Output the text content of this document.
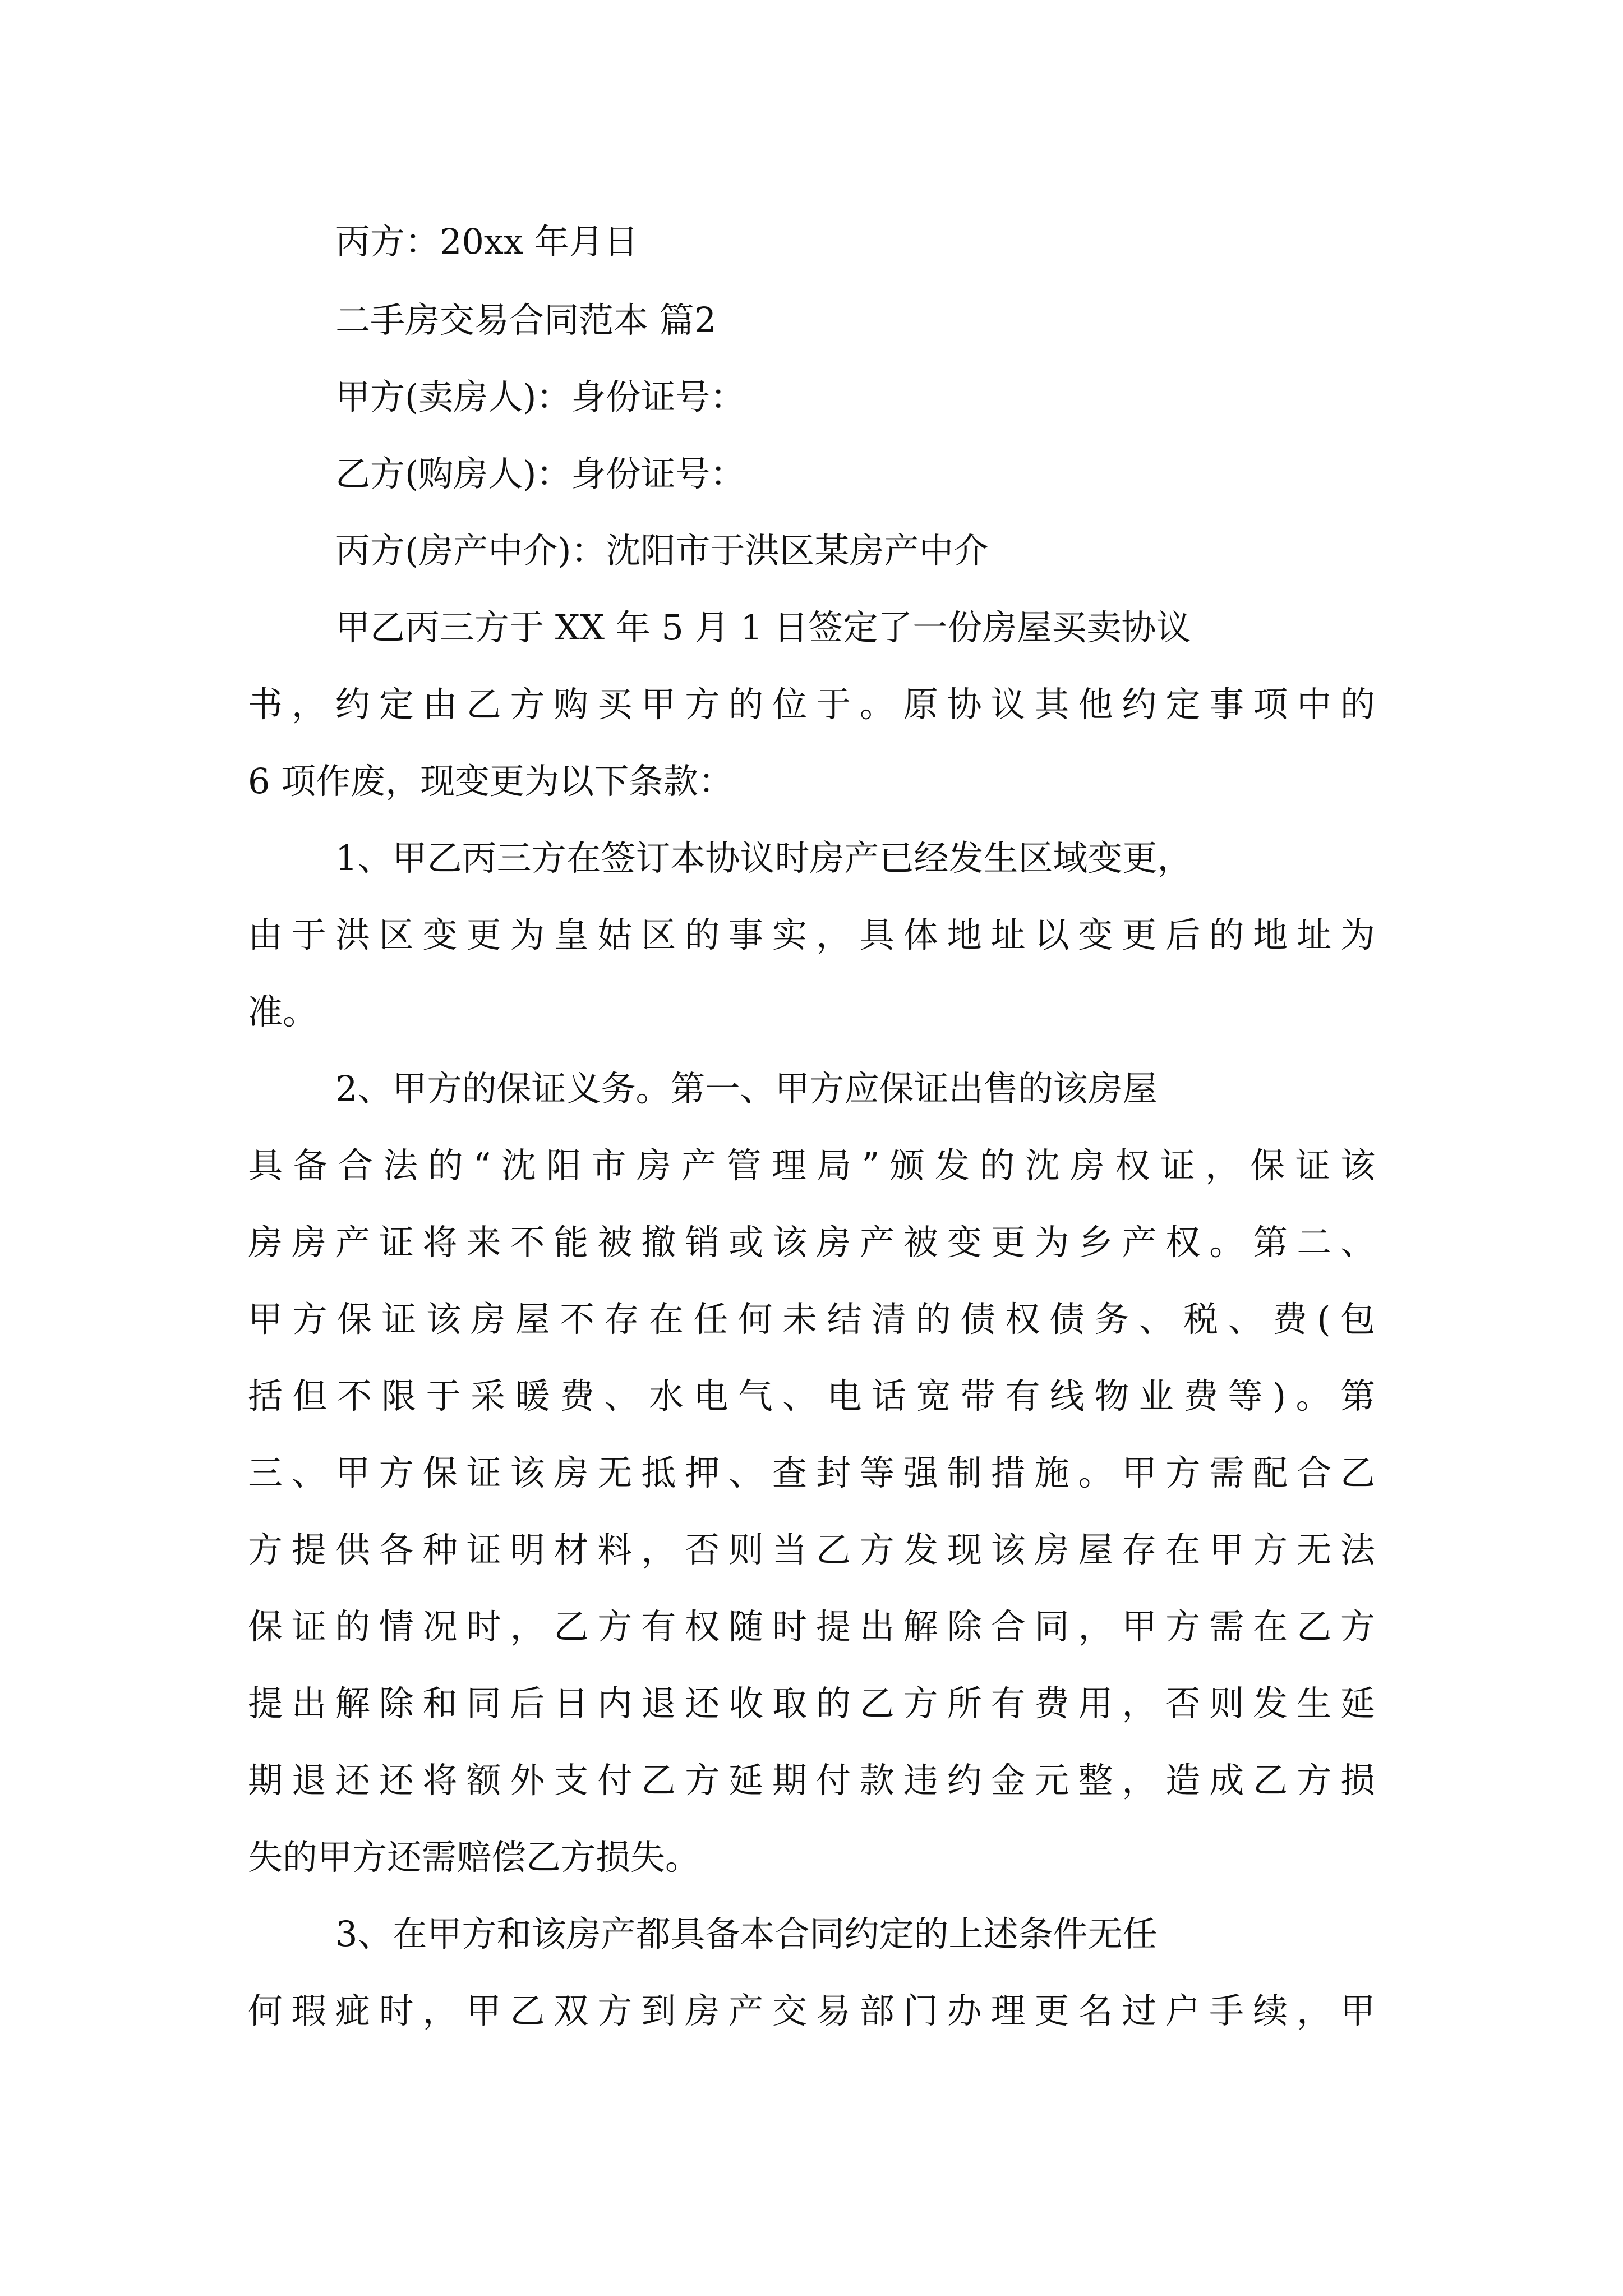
丙方：20xx 年月日
二手房交易合同范本 篇2
甲方(卖房人)：身份证号：
乙方(购房人)：身份证号：
丙方(房产中介)：沈阳市于洪区某房产中介
甲乙丙三方于 XX 年 5 月 1 日签定了一份房屋买卖协议
书，约定由乙方购买甲方的位于。原协议其他约定事项中的
6 项作废，现变更为以下条款：
1、甲乙丙三方在签订本协议时房产已经发生区域变更，
由于洪区变更为皇姑区的事实，具体地址以变更后的地址为
准。
2、甲方的保证义务。第一、甲方应保证出售的该房屋
具备合法的“沈阳市房产管理局”颁发的沈房权证，保证该
房房产证将来不能被撤销或该房产被变更为乡产权。第二、
甲方保证该房屋不存在任何未结清的债权债务、税、费(包
括但不限于采暖费、水电气、电话宽带有线物业费等)。第
三、甲方保证该房无抵押、查封等强制措施。甲方需配合乙
方提供各种证明材料，否则当乙方发现该房屋存在甲方无法
保证的情况时，乙方有权随时提出解除合同，甲方需在乙方
提出解除和同后日内退还收取的乙方所有费用，否则发生延
期退还还将额外支付乙方延期付款违约金元整，造成乙方损
失的甲方还需赔偿乙方损失。
3、在甲方和该房产都具备本合同约定的上述条件无任
何瑕疵时，甲乙双方到房产交易部门办理更名过户手续，甲
